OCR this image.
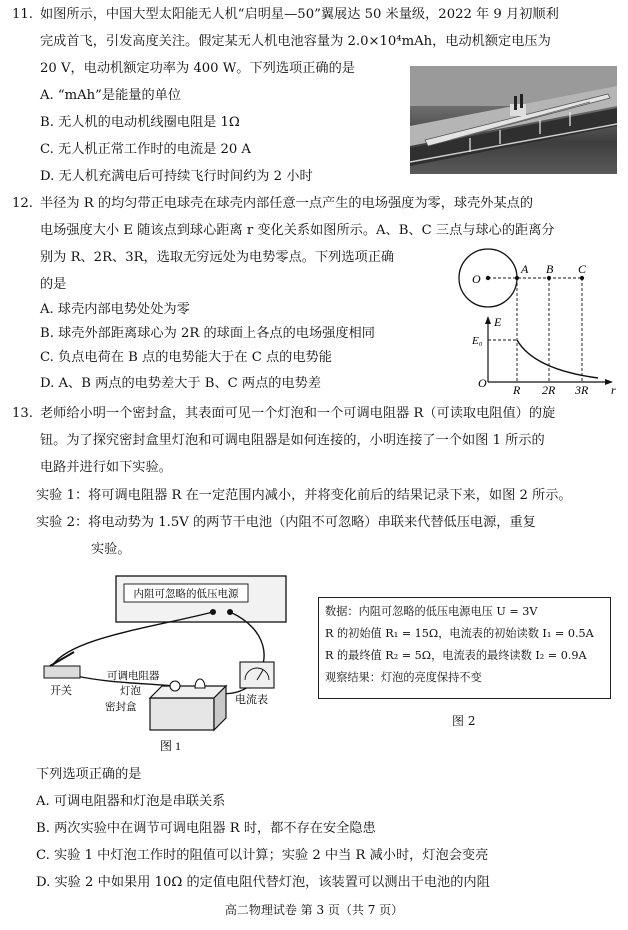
11. 如图所示，中国大型太阳能无人机“启明星—50”翼展达 50 米量级，2022 年 9 月初顺利
完成首飞，引发高度关注。假定某无人机电池容量为 2.0×10⁴mAh，电动机额定电压为
20 V，电动机额定功率为 400 W。下列选项正确的是
A. “mAh”是能量的单位
B. 无人机的电动机线圈电阻是 1Ω
C. 无人机正常工作时的电流是 20 A
D. 无人机充满电后可持续飞行时间约为 2 小时
12. 半径为 R 的均匀带正电球壳在球壳内部任意一点产生的电场强度为零，球壳外某点的
电场强度大小 E 随该点到球心距离 r 变化关系如图所示。A、B、C 三点与球心的距离分
别为 R、2R、3R，选取无穷远处为电势零点。下列选项正确
的是
A. 球壳内部电势处处为零
B. 球壳外部距离球心为 2R 的球面上各点的电场强度相同
C. 负点电荷在 B 点的电势能大于在 C 点的电势能
D. A、B 两点的电势差大于 B、C 两点的电势差
O
A B C
E
E₀
O R 2R 3R r
13. 老师给小明一个密封盒，其表面可见一个灯泡和一个可调电阻器 R（可读取电阻值）的旋
钮。为了探究密封盒里灯泡和可调电阻器是如何连接的，小明连接了一个如图 1 所示的
电路并进行如下实验。
实验 1：将可调电阻器 R 在一定范围内减小，并将变化前后的结果记录下来，如图 2 所示。
实验 2：将电动势为 1.5V 的两节干电池（内阻不可忽略）串联来代替低压电源，重复
实验。
内阻可忽略的低压电源
开关
可调电阻器
灯泡
密封盒
电流表
图 1
数据：内阻可忽略的低压电源电压 U = 3V
R 的初始值 R₁ = 15Ω，电流表的初始读数 I₁ = 0.5A
R 的最终值 R₂ = 5Ω，电流表的最终读数 I₂ = 0.9A
观察结果：灯泡的亮度保持不变
图 2
下列选项正确的是
A. 可调电阻器和灯泡是串联关系
B. 两次实验中在调节可调电阻器 R 时，都不存在安全隐患
C. 实验 1 中灯泡工作时的阻值可以计算；实验 2 中当 R 减小时，灯泡会变亮
D. 实验 2 中如果用 10Ω 的定值电阻代替灯泡，该装置可以测出干电池的内阻
高二物理试卷 第 3 页（共 7 页）
